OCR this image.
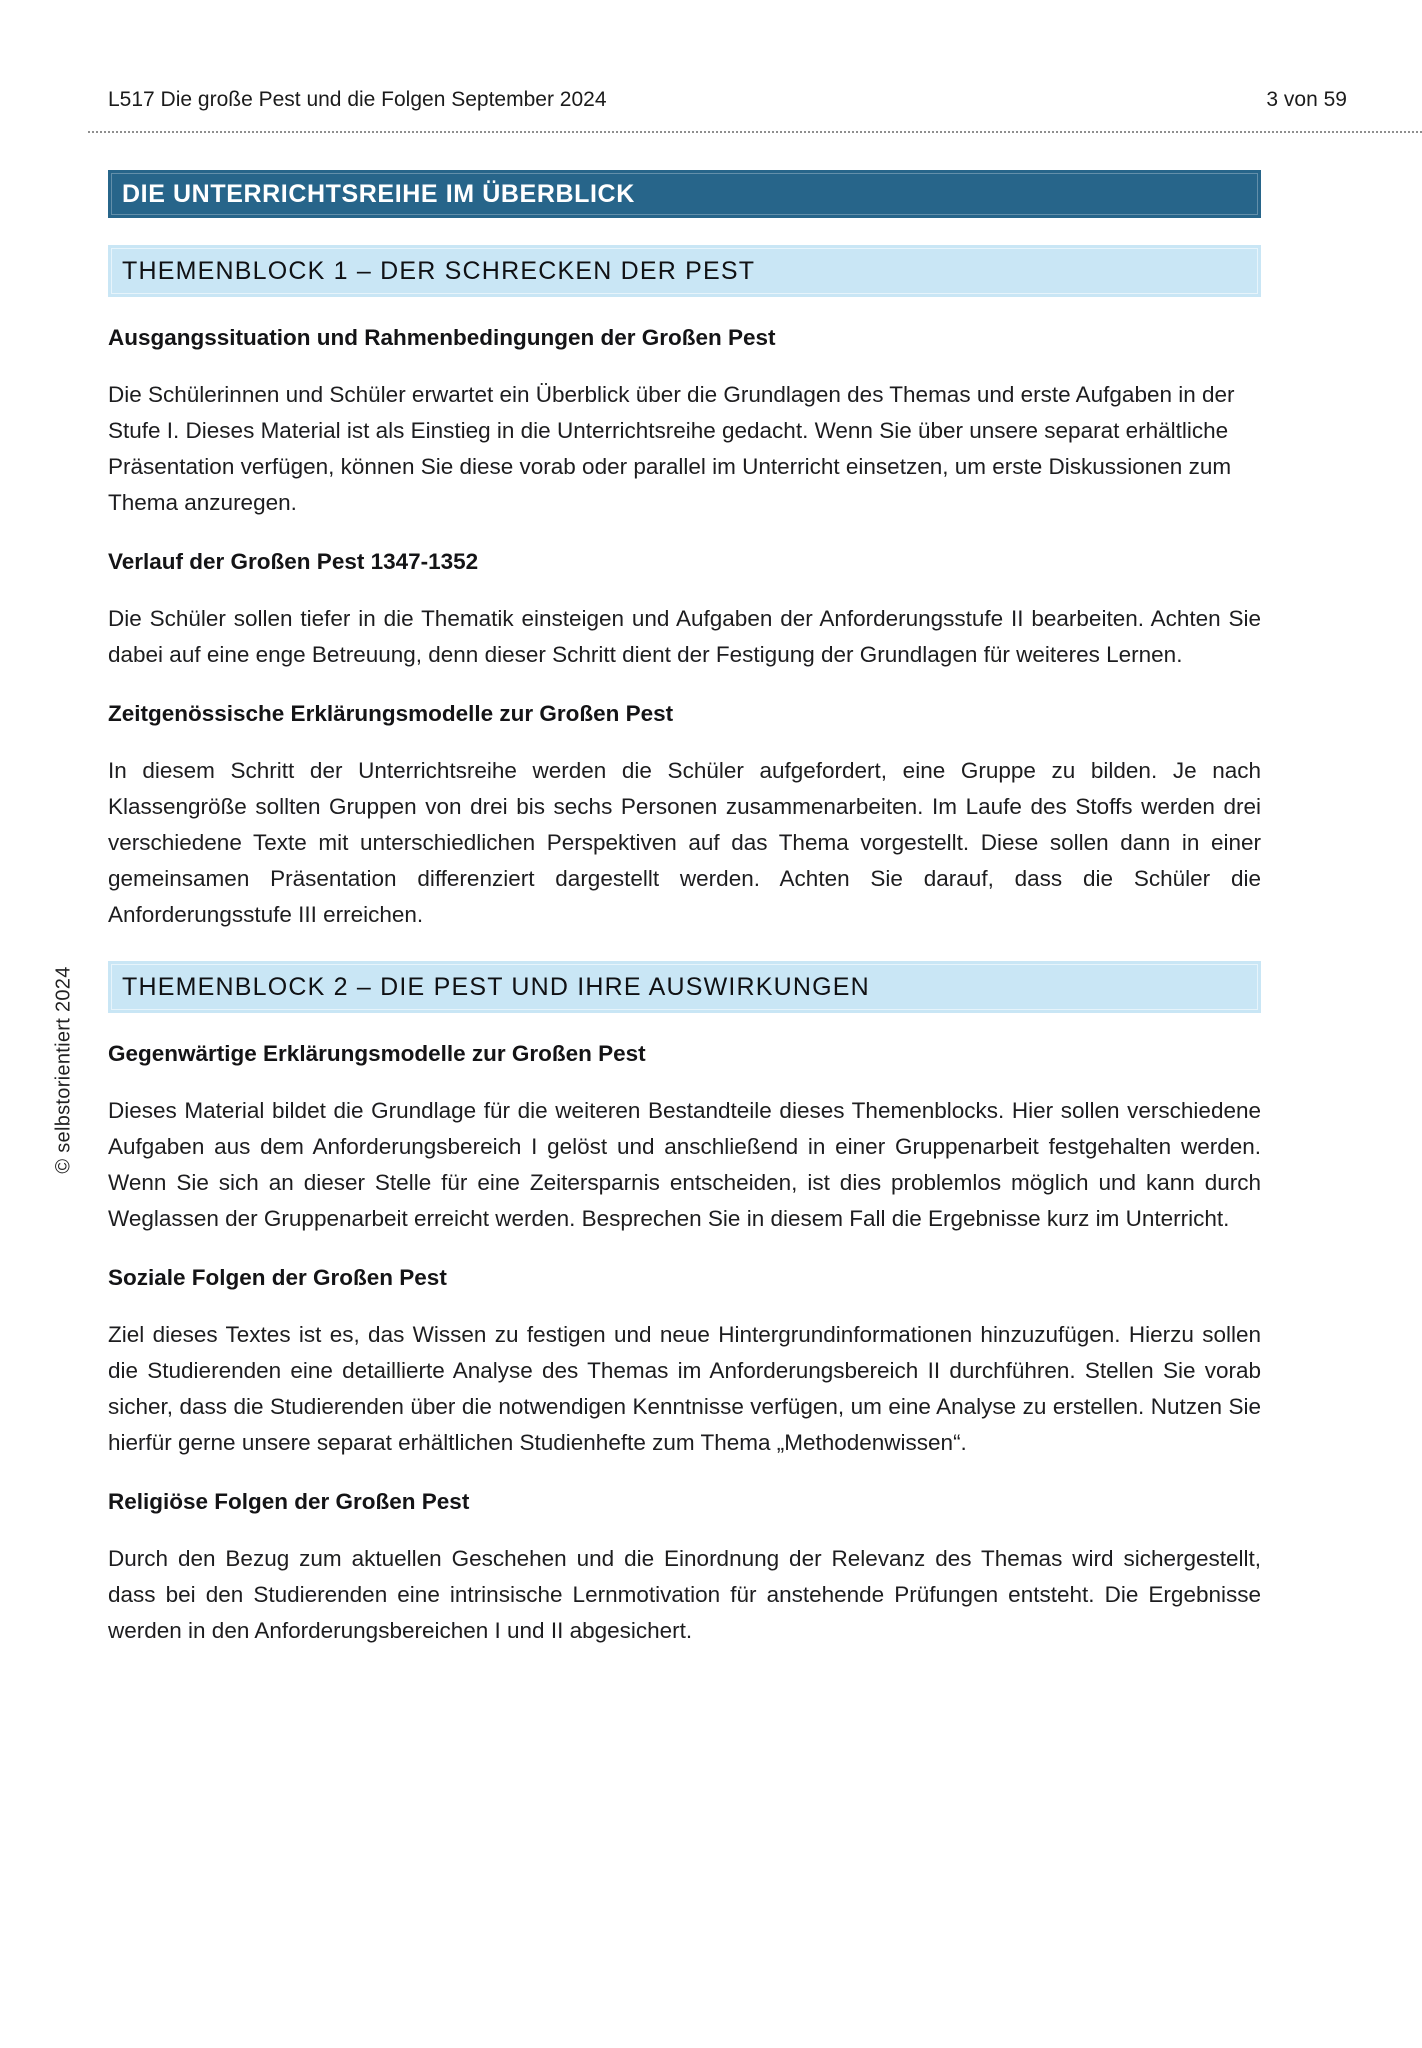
L517 Die große Pest und die Folgen September 2024	3 von 59
© selbstorientiert 2024
DIE UNTERRICHTSREIHE IM ÜBERBLICK
THEMENBLOCK 1 – DER SCHRECKEN DER PEST
Ausgangssituation und Rahmenbedingungen der Großen Pest

Die Schülerinnen und Schüler erwartet ein Überblick über die Grundlagen des Themas und erste Aufgaben in der Stufe I. Dieses Material ist als Einstieg in die Unterrichtsreihe gedacht. Wenn Sie über unsere separat erhältliche Präsentation verfügen, können Sie diese vorab oder parallel im Unterricht einsetzen, um erste Diskussionen zum Thema anzuregen.

Verlauf der Großen Pest 1347-1352

Die Schüler sollen tiefer in die Thematik einsteigen und Aufgaben der Anforderungsstufe II bearbeiten. Achten Sie dabei auf eine enge Betreuung, denn dieser Schritt dient der Festigung der Grundlagen für weiteres Lernen.

Zeitgenössische Erklärungsmodelle zur Großen Pest

In diesem Schritt der Unterrichtsreihe werden die Schüler aufgefordert, eine Gruppe zu bilden. Je nach Klassengröße sollten Gruppen von drei bis sechs Personen zusammenarbeiten. Im Laufe des Stoffs werden drei verschiedene Texte mit unterschiedlichen Perspektiven auf das Thema vorgestellt. Diese sollen dann in einer gemeinsamen Präsentation differenziert dargestellt werden. Achten Sie darauf, dass die Schüler die Anforderungsstufe III erreichen.

THEMENBLOCK 2 – DIE PEST UND IHRE AUSWIRKUNGEN
Gegenwärtige Erklärungsmodelle zur Großen Pest

Dieses Material bildet die Grundlage für die weiteren Bestandteile dieses Themenblocks. Hier sollen verschiedene Aufgaben aus dem Anforderungsbereich I gelöst und anschließend in einer Gruppenarbeit festgehalten werden. Wenn Sie sich an dieser Stelle für eine Zeitersparnis entscheiden, ist dies problemlos möglich und kann durch Weglassen der Gruppenarbeit erreicht werden. Besprechen Sie in diesem Fall die Ergebnisse kurz im Unterricht.

Soziale Folgen der Großen Pest

Ziel dieses Textes ist es, das Wissen zu festigen und neue Hintergrundinformationen hinzuzufügen. Hierzu sollen die Studierenden eine detaillierte Analyse des Themas im Anforderungsbereich II durchführen. Stellen Sie vorab sicher, dass die Studierenden über die notwendigen Kenntnisse verfügen, um eine Analyse zu erstellen. Nutzen Sie hierfür gerne unsere separat erhältlichen Studienhefte zum Thema „Methodenwissen“.

Religiöse Folgen der Großen Pest

Durch den Bezug zum aktuellen Geschehen und die Einordnung der Relevanz des Themas wird sichergestellt, dass bei den Studierenden eine intrinsische Lernmotivation für anstehende Prüfungen entsteht. Die Ergebnisse werden in den Anforderungsbereichen I und II abgesichert.
